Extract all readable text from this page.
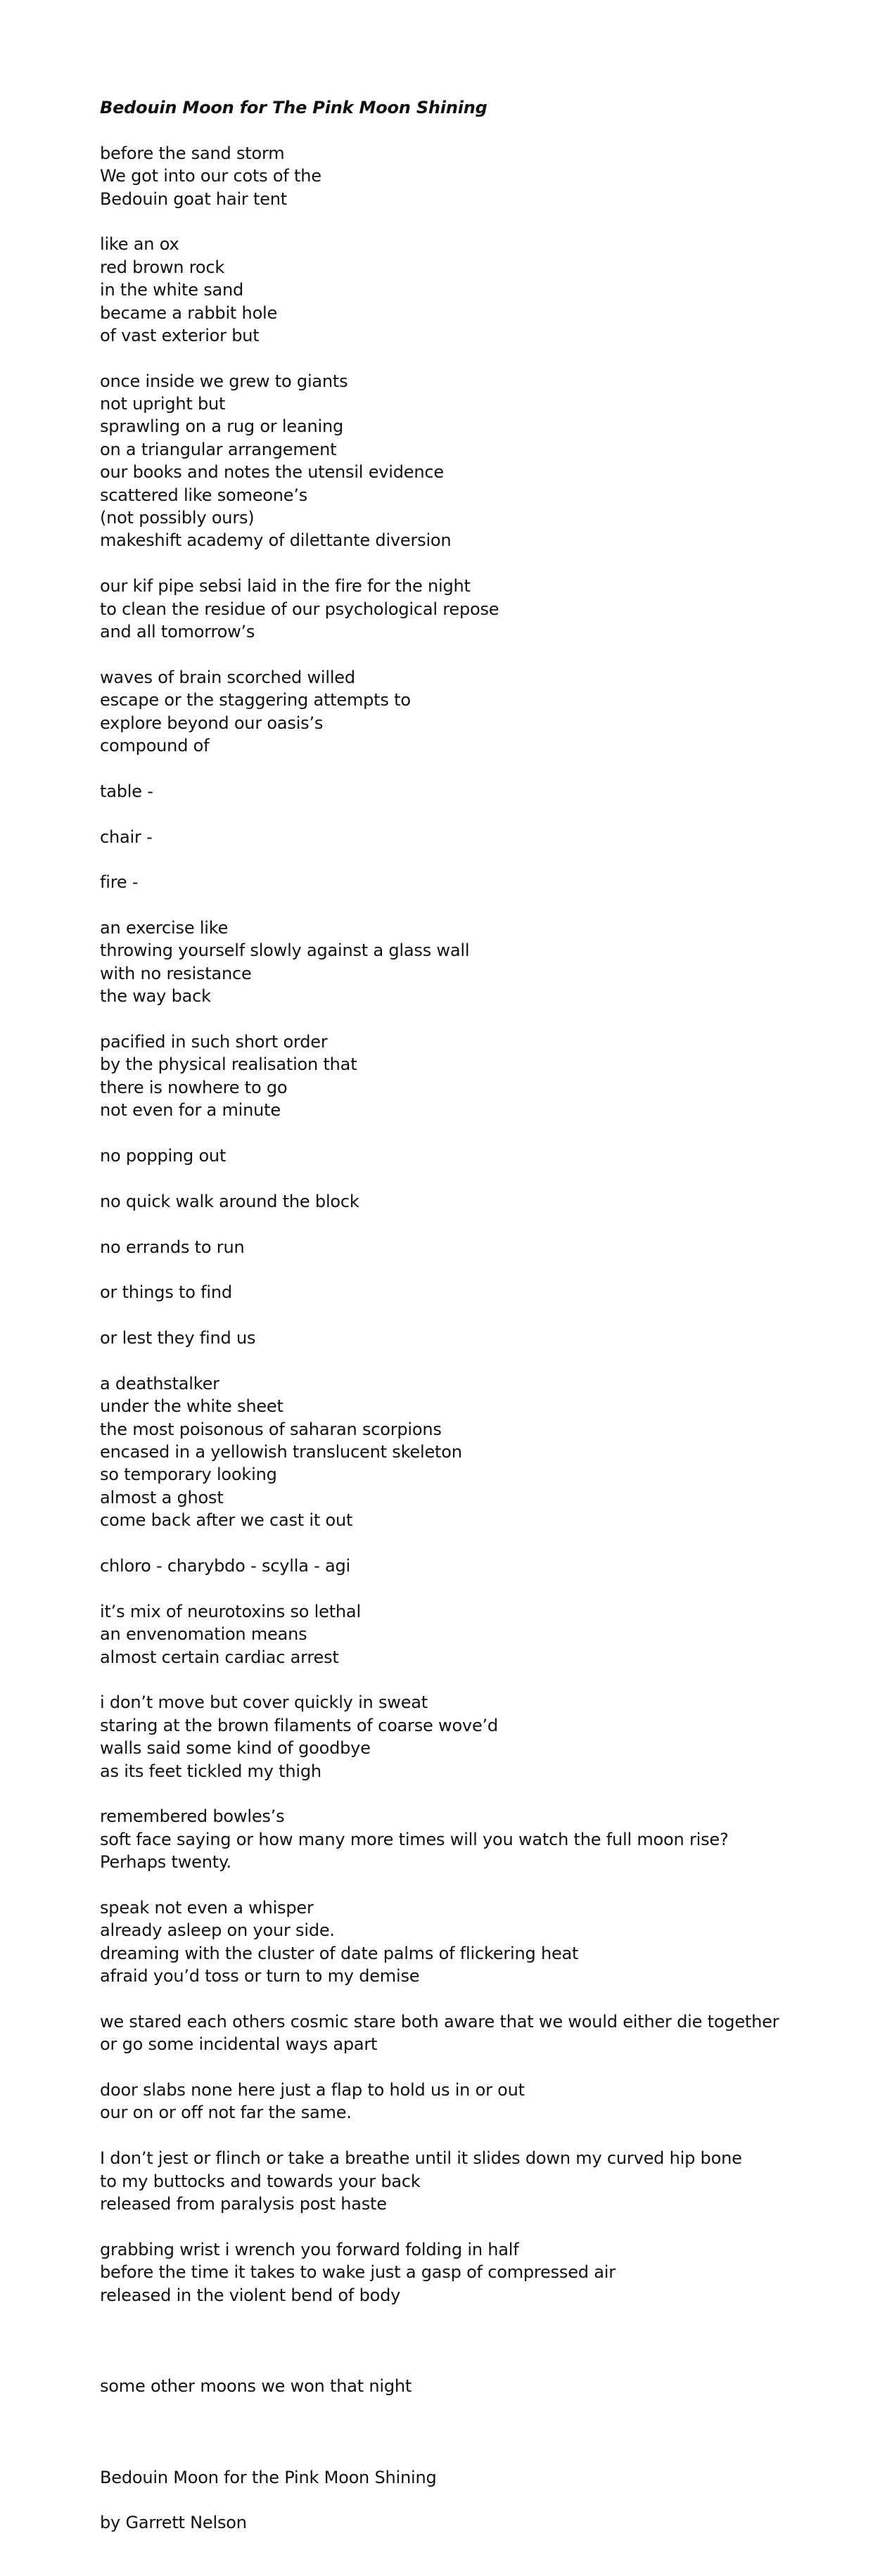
Bedouin Moon for The Pink Moon Shining
before the sand storm
We got into our cots of the
Bedouin goat hair tent
like an ox
red brown rock
in the white sand
became a rabbit hole
of vast exterior but
once inside we grew to giants
not upright but
sprawling on a rug or leaning
on a triangular arrangement
our books and notes the utensil evidence
scattered like someone’s
(not possibly ours)
makeshift academy of dilettante diversion
our kif pipe sebsi laid in the fire for the night
to clean the residue of our psychological repose
and all tomorrow’s
waves of brain scorched willed
escape or the staggering attempts to
explore beyond our oasis’s
compound of
table -
chair -
fire -
an exercise like
throwing yourself slowly against a glass wall
with no resistance
the way back
pacified in such short order
by the physical realisation that
there is nowhere to go
not even for a minute
no popping out
no quick walk around the block
no errands to run
or things to find
or lest they find us
a deathstalker
under the white sheet
the most poisonous of saharan scorpions
encased in a yellowish translucent skeleton
so temporary looking
almost a ghost
come back after we cast it out
chloro - charybdo - scylla - agi
it’s mix of neurotoxins so lethal
an envenomation means
almost certain cardiac arrest
i don’t move but cover quickly in sweat
staring at the brown filaments of coarse wove’d
walls said some kind of goodbye
as its feet tickled my thigh
remembered bowles’s
soft face saying or how many more times will you watch the full moon rise?
Perhaps twenty.
speak not even a whisper
already asleep on your side.
dreaming with the cluster of date palms of flickering heat
afraid you’d toss or turn to my demise
we stared each others cosmic stare both aware that we would either die together
or go some incidental ways apart
door slabs none here just a flap to hold us in or out
our on or off not far the same.
I don’t jest or flinch or take a breathe until it slides down my curved hip bone
to my buttocks and towards your back
released from paralysis post haste
grabbing wrist i wrench you forward folding in half
before the time it takes to wake just a gasp of compressed air
released in the violent bend of body
some other moons we won that night
Bedouin Moon for the Pink Moon Shining
by Garrett Nelson
